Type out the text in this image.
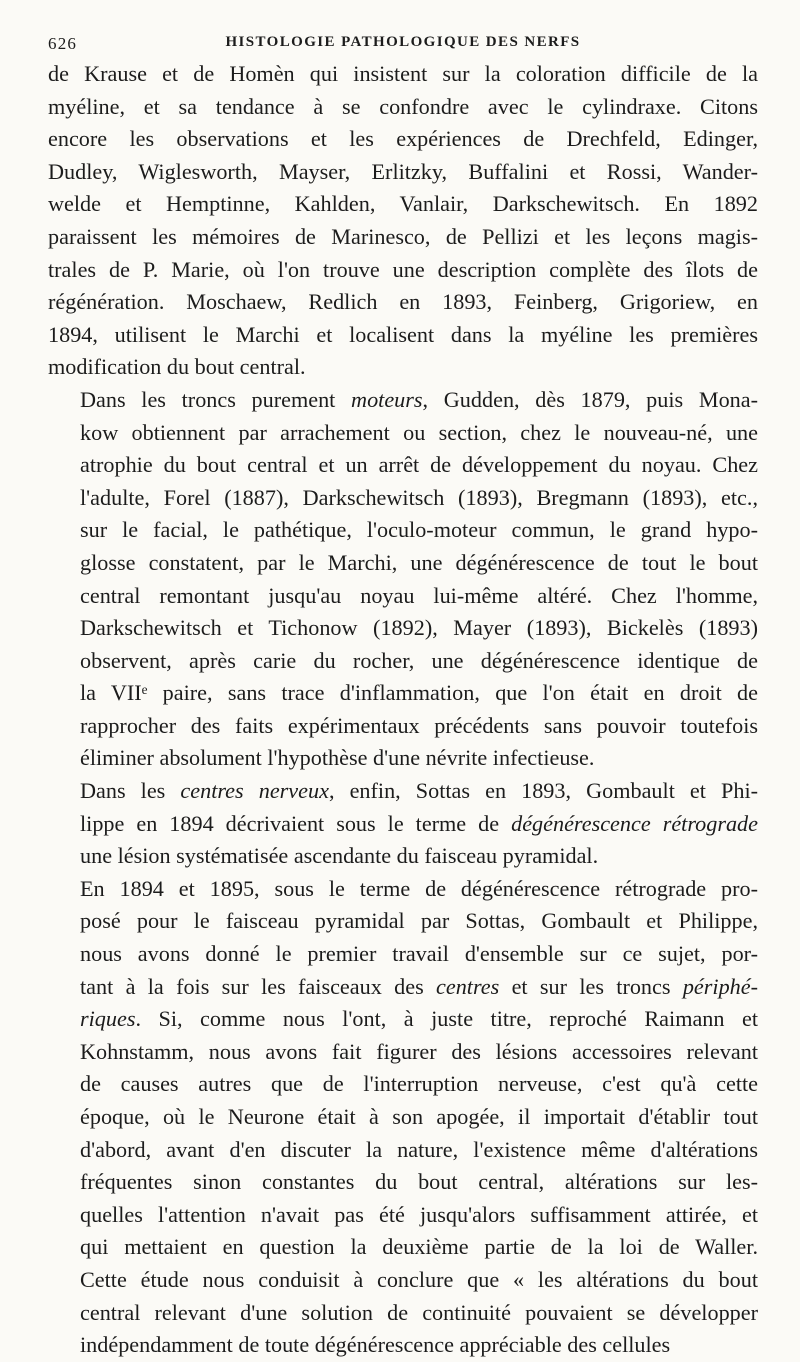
626	HISTOLOGIE PATHOLOGIQUE DES NERFS
de Krause et de Homèn qui insistent sur la coloration difficile de la
myéline, et sa tendance à se confondre avec le cylindraxe. Citons
encore les observations et les expériences de Drechfeld, Edinger,
Dudley, Wiglesworth, Mayser, Erlitzky, Buffalini et Rossi, Wander-
welde et Hemptinne, Kahlden, Vanlair, Darkschewitsch. En 1892
paraissent les mémoires de Marinesco, de Pellizi et les leçons magis-
trales de P. Marie, où l'on trouve une description complète des îlots de
régénération. Moschaew, Redlich en 1893, Feinberg, Grigoriew, en
1894, utilisent le Marchi et localisent dans la myéline les premières
modification du bout central.
Dans les troncs purement moteurs, Gudden, dès 1879, puis Mona-
kow obtiennent par arrachement ou section, chez le nouveau-né, une
atrophie du bout central et un arrêt de développement du noyau. Chez
l'adulte, Forel (1887), Darkschewitsch (1893), Bregmann (1893), etc.,
sur le facial, le pathétique, l'oculo-moteur commun, le grand hypo-
glosse constatent, par le Marchi, une dégénérescence de tout le bout
central remontant jusqu'au noyau lui-même altéré. Chez l'homme,
Darkschewitsch et Tichonow (1892), Mayer (1893), Bickelès (1893)
observent, après carie du rocher, une dégénérescence identique de
la VIIᵉ paire, sans trace d'inflammation, que l'on était en droit de
rapprocher des faits expérimentaux précédents sans pouvoir toutefois
éliminer absolument l'hypothèse d'une névrite infectieuse.
Dans les centres nerveux, enfin, Sottas en 1893, Gombault et Phi-
lippe en 1894 décrivaient sous le terme de dégénérescence rétrograde
une lésion systématisée ascendante du faisceau pyramidal.
En 1894 et 1895, sous le terme de dégénérescence rétrograde pro-
posé pour le faisceau pyramidal par Sottas, Gombault et Philippe,
nous avons donné le premier travail d'ensemble sur ce sujet, por-
tant à la fois sur les faisceaux des centres et sur les troncs périphé-
riques. Si, comme nous l'ont, à juste titre, reproché Raimann et
Kohnstamm, nous avons fait figurer des lésions accessoires relevant
de causes autres que de l'interruption nerveuse, c'est qu'à cette
époque, où le Neurone était à son apogée, il importait d'établir tout
d'abord, avant d'en discuter la nature, l'existence même d'altérations
fréquentes sinon constantes du bout central, altérations sur les-
quelles l'attention n'avait pas été jusqu'alors suffisamment attirée, et
qui mettaient en question la deuxième partie de la loi de Waller.
Cette étude nous conduisit à conclure que « les altérations du bout
central relevant d'une solution de continuité pouvaient se développer
indépendamment de toute dégénérescence appréciable des cellules
